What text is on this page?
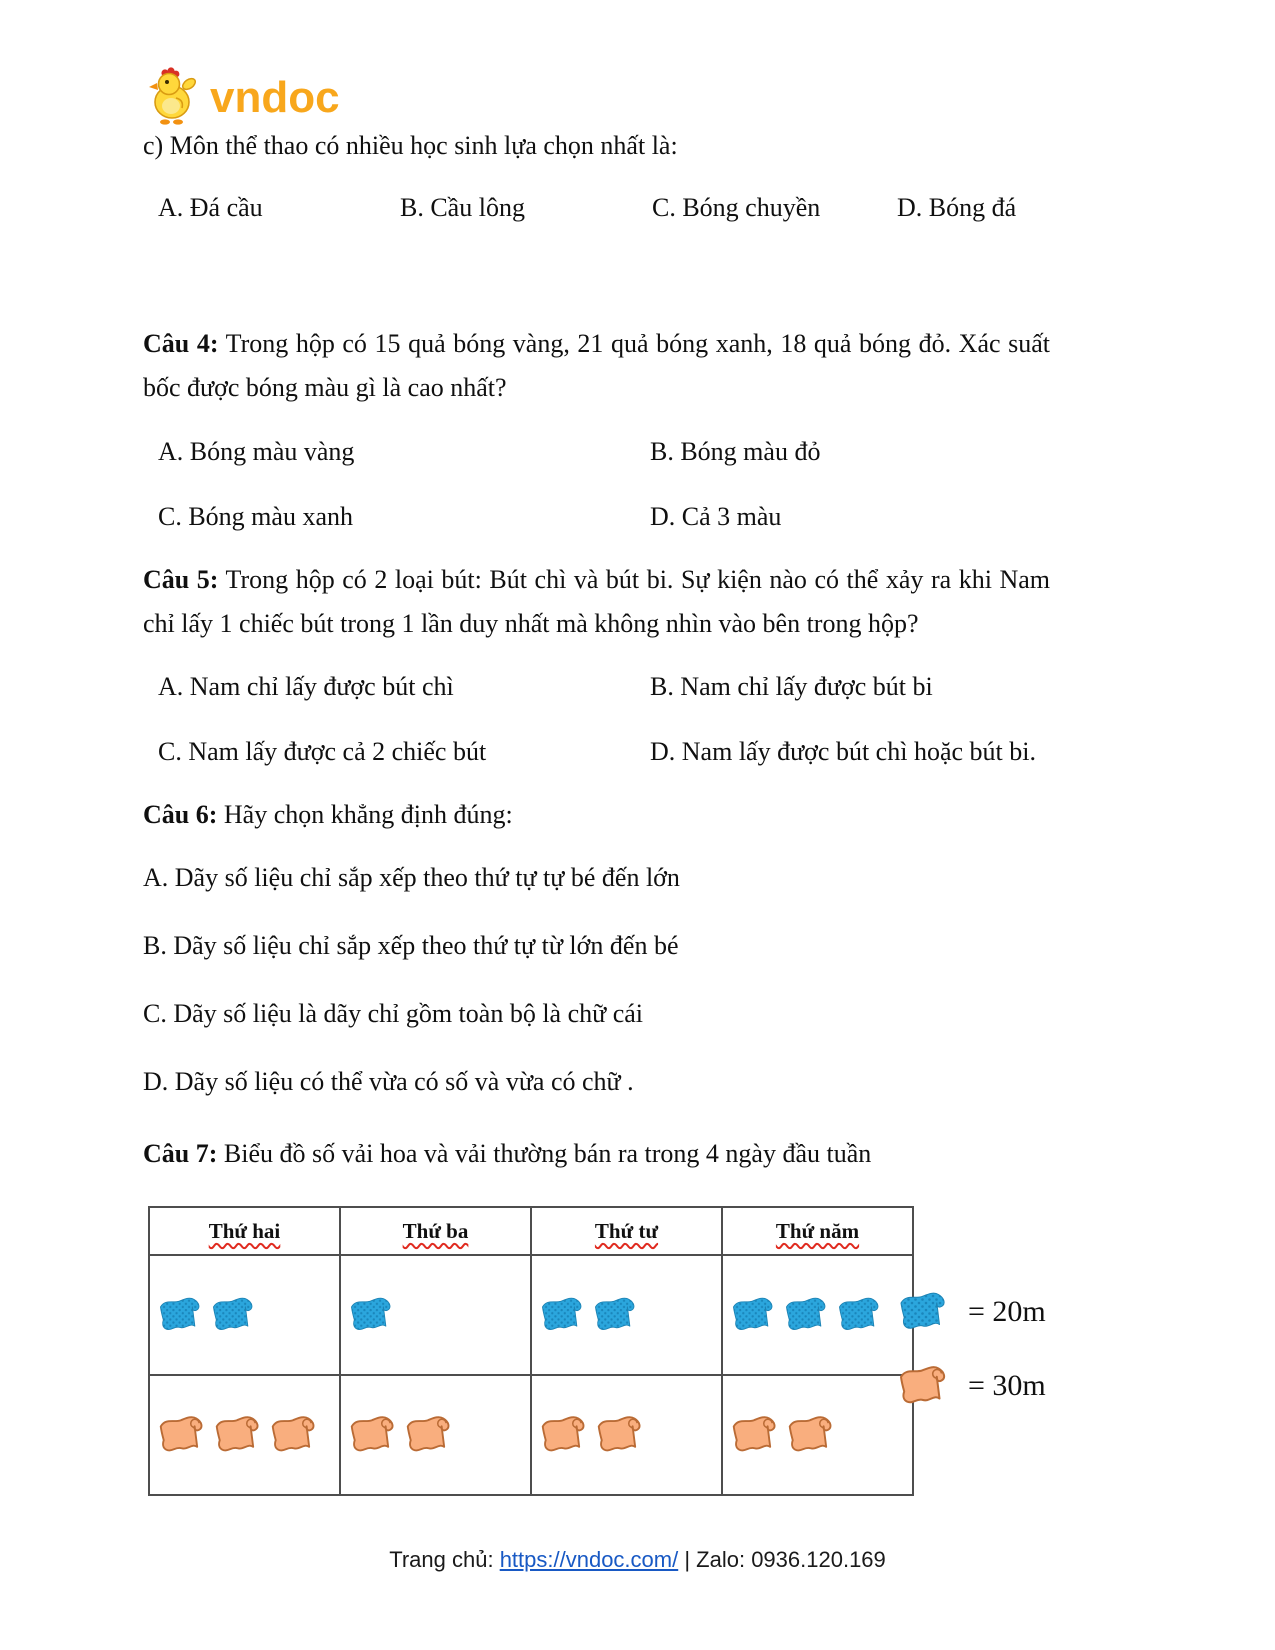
vndoc
c) Môn thể thao có nhiều học sinh lựa chọn nhất là:
A. Đá cầu	B. Cầu lông	C. Bóng chuyền	D. Bóng đá
Câu 4: Trong hộp có 15 quả bóng vàng, 21 quả bóng xanh, 18 quả bóng đỏ. Xác suất bốc được bóng màu gì là cao nhất?
A. Bóng màu vàng	B. Bóng màu đỏ
C. Bóng màu xanh	D. Cả 3 màu
Câu 5: Trong hộp có 2 loại bút: Bút chì và bút bi. Sự kiện nào có thể xảy ra khi Nam chỉ lấy 1 chiếc bút trong 1 lần duy nhất mà không nhìn vào bên trong hộp?
A. Nam chỉ lấy được bút chì	B. Nam chỉ lấy được bút bi
C. Nam lấy được cả 2 chiếc bút	D. Nam lấy được bút chì hoặc bút bi.
Câu 6: Hãy chọn khẳng định đúng:
A. Dãy số liệu chỉ sắp xếp theo thứ tự tự bé đến lớn
B. Dãy số liệu chỉ sắp xếp theo thứ tự từ lớn đến bé
C. Dãy số liệu là dãy chỉ gồm toàn bộ là chữ cái
D. Dãy số liệu có thể vừa có số và vừa có chữ .
Câu 7: Biểu đồ số vải hoa và vải thường bán ra trong 4 ngày đầu tuần
Thứ hai	Thứ ba	Thứ tư	Thứ năm

= 20m
= 30m
Trang chủ: https://vndoc.com/ | Zalo: 0936.120.169
